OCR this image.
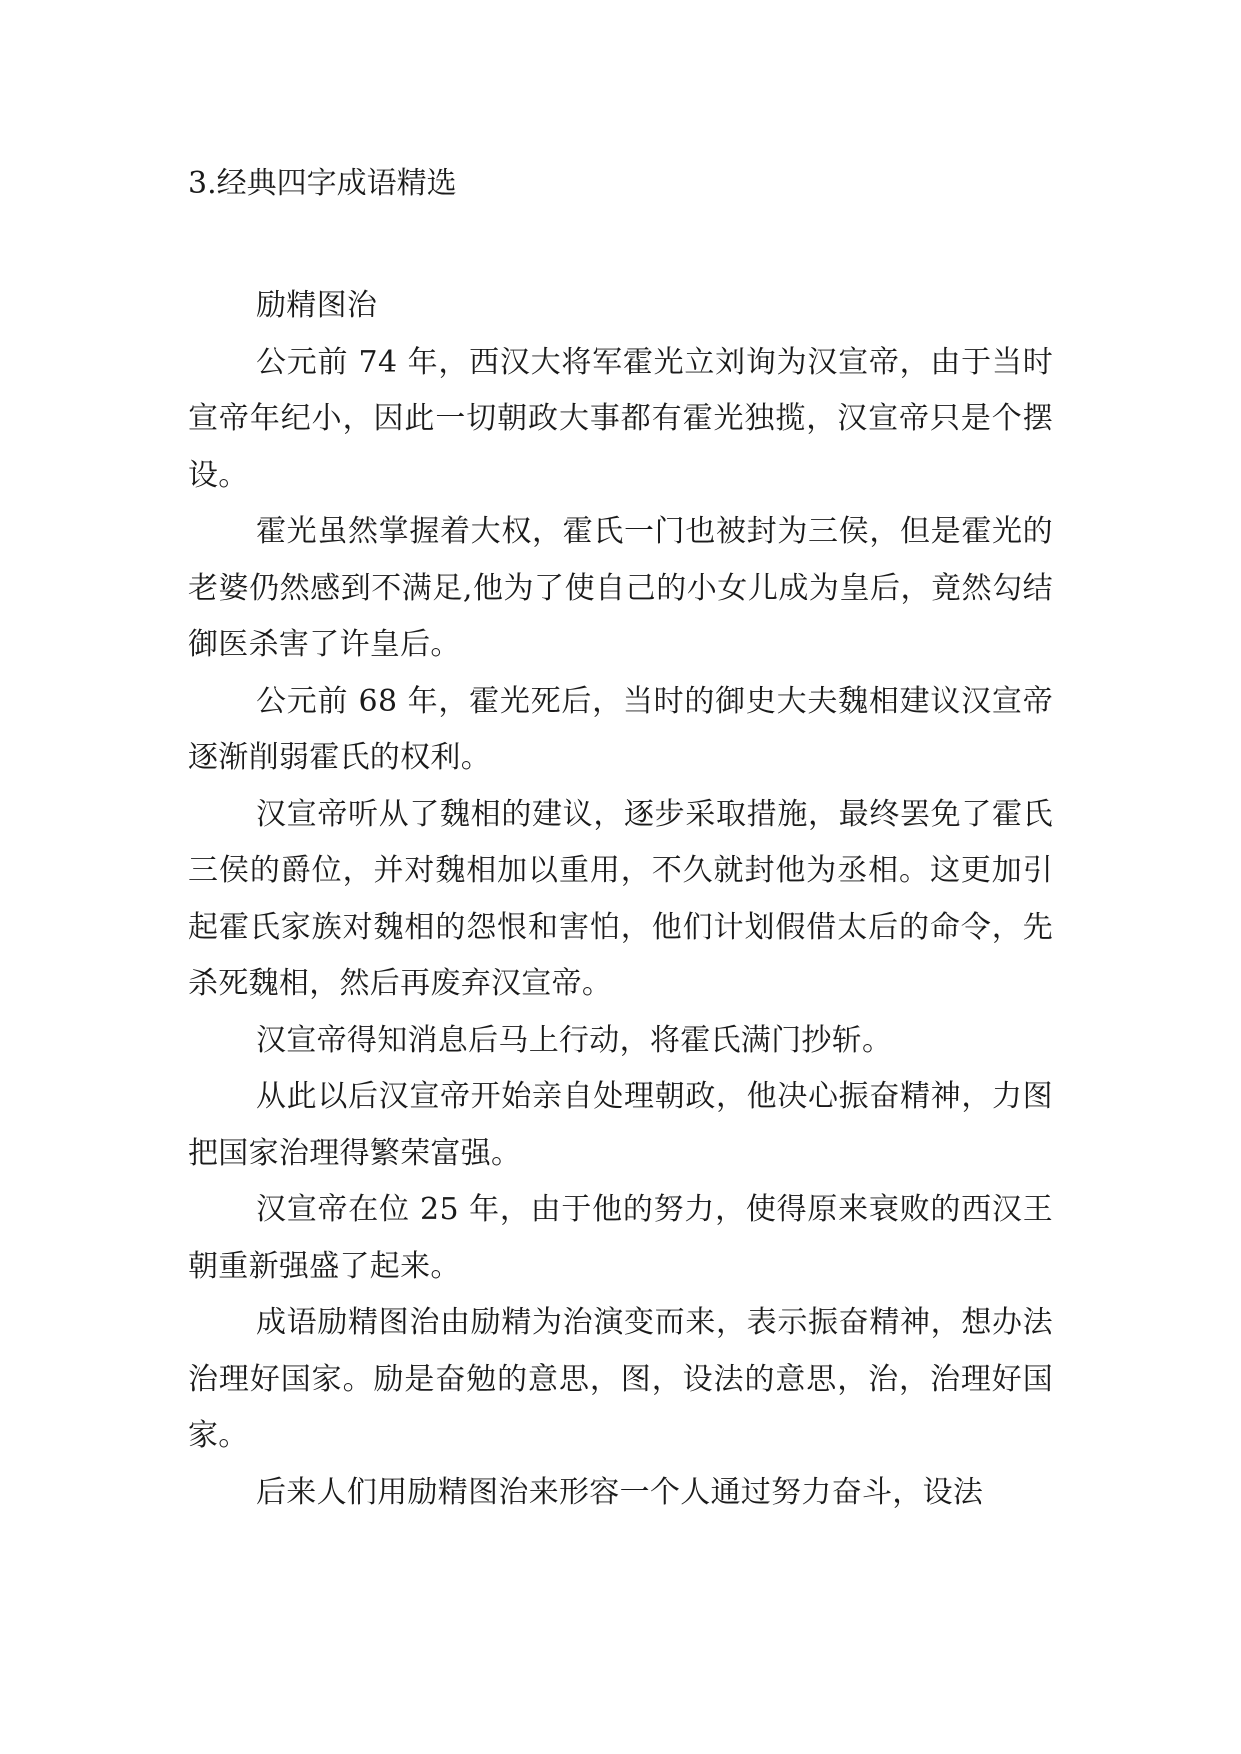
3.经典四字成语精选

励精图治

公元前 74 年，西汉大将军霍光立刘询为汉宣帝，由于当时宣帝年纪小，因此一切朝政大事都有霍光独揽，汉宣帝只是个摆设。

霍光虽然掌握着大权，霍氏一门也被封为三侯，但是霍光的老婆仍然感到不满足,他为了使自己的小女儿成为皇后，竟然勾结御医杀害了许皇后。

公元前 68 年，霍光死后，当时的御史大夫魏相建议汉宣帝逐渐削弱霍氏的权利。

汉宣帝听从了魏相的建议，逐步采取措施，最终罢免了霍氏三侯的爵位，并对魏相加以重用，不久就封他为丞相。这更加引起霍氏家族对魏相的怨恨和害怕，他们计划假借太后的命令，先杀死魏相，然后再废弃汉宣帝。

汉宣帝得知消息后马上行动，将霍氏满门抄斩。

从此以后汉宣帝开始亲自处理朝政，他决心振奋精神，力图把国家治理得繁荣富强。

汉宣帝在位 25 年，由于他的努力，使得原来衰败的西汉王朝重新强盛了起来。

成语励精图治由励精为治演变而来，表示振奋精神，想办法治理好国家。励是奋勉的意思，图，设法的意思，治，治理好国家。

后来人们用励精图治来形容一个人通过努力奋斗，设法
